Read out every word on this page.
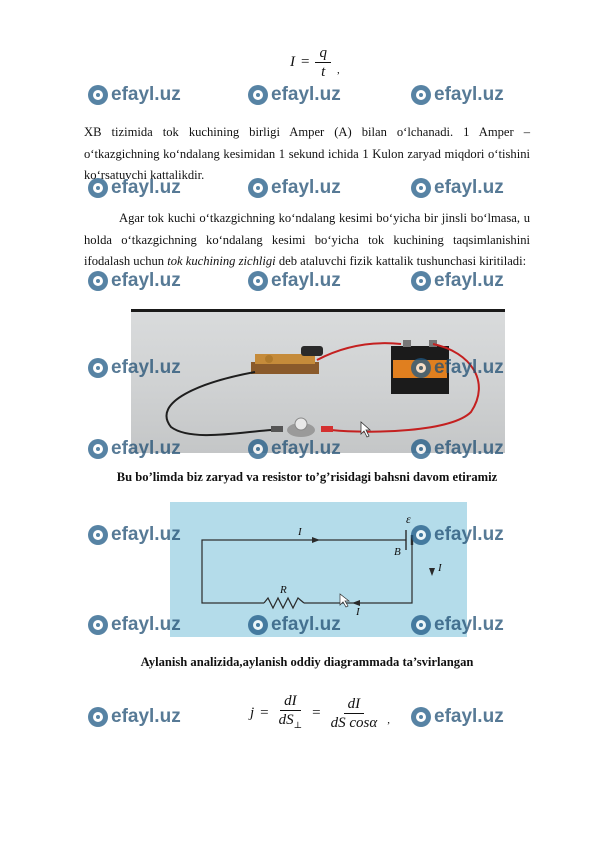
efayl.uz	efayl.uz	efayl.uz
efayl.uz	efayl.uz	efayl.uz
efayl.uz	efayl.uz	efayl.uz
$I = \frac{q}{t}$ ,
XB tizimida tok kuchining birligi Amper (A) bilan o‘lchanadi. 1 Amper – o‘tkazgichning ko‘ndalang kesimidan 1 sekund ichida 1 Kulon zaryad miqdori o‘tishini ko‘rsatuvchi kattalikdir.
Agar tok kuchi o‘tkazgichning ko‘ndalang kesimi bo‘yicha bir jinsli bo‘lmasa, u holda o‘tkazgichning ko‘ndalang kesimi bo‘yicha tok kuchining taqsimlanishini ifodalash uchun tok kuchining zichligi deb ataluvchi fizik kattalik tushunchasi kiritiladi:
efayl.uz	efayl.uz
efayl.uz	efayl.uz	efayl.uz
Bu bo’limda biz zaryad va resistor to’g’risidagi bahsni davom etiramiz
I
ε
B
I
R
I
efayl.uz	efayl.uz
efayl.uz	efayl.uz	efayl.uz
Aylanish analizida,aylanish oddiy diagrammada ta’svirlangan
$j = \frac{dI}{dS_\perp} = \frac{dI}{\text{dS cosα}}$ ,
efayl.uz	efayl.uz
